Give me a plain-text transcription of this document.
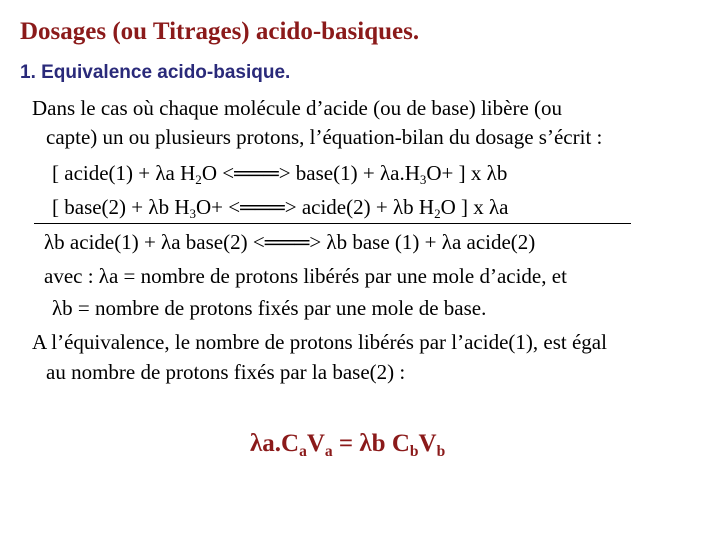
Dosages (ou Titrages) acido-basiques.
1. Equivalence acido-basique.

Dans le cas où chaque molécule d’acide (ou de base) libère (ou

capte) un ou plusieurs protons, l’équation-bilan du dosage s’écrit :

[ acide(1) + λa $H_2O$ <═══> base(1) + $\lambda a.H_3O+$ ] x λb

[ base(2) + λb $H_3O+$ <═══> acide(2) + λb $H_2O$ ] x λa

λb acide(1) + λa base(2) <═══> λb base (1) + λa acide(2)

avec : λa = nombre de protons libérés par une mole d’acide, et

λb = nombre de protons fixés par une mole de base.

A l’équivalence, le nombre de protons libérés par l’acide(1), est égal

au nombre de protons fixés par la base(2) :

$\lambda a.C_aV_a = \lambda b$ $C_bV_b$
